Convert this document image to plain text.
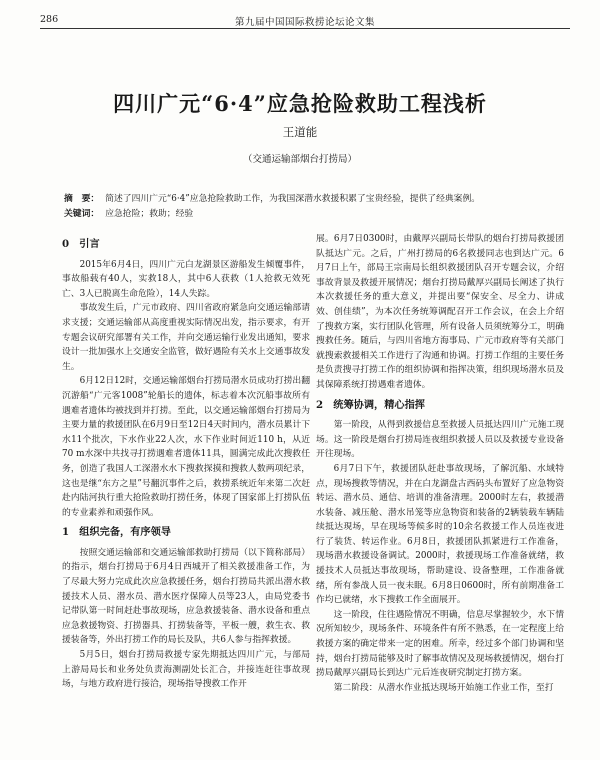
286	第九届中国国际救捞论坛论文集
四川广元“6·4”应急抢险救助工程浅析
王道能
（交通运输部烟台打捞局）
摘　要： 简述了四川广元“6·4”应急抢险救助工作，为我国深潜水救援积累了宝贵经验，提供了经典案例。
关键词： 应急抢险；救助；经验
0　引言

2015年6月4日，四川广元白龙湖景区游船发生倾覆事件，事故船载有40人，实救18人，其中6人获救（1人抢救无效死亡、3人已脱离生命危险），14人失踪。

事故发生后，广元市政府、四川省政府紧急向交通运输部请求支援；交通运输部从高度重视实际情况出发，指示要求，有开专题会议研究部署有关工作，并向交通运输行业发出通知，要求设计一批加强水上交通安全监管，做好遇险有关水上交通事故发生。

6月12日12时，交通运输部烟台打捞局潜水员成功打捞出翻沉游船“广元客1008”轮船长的遗体，标志着本次沉船事故所有遇难者遗体均被找到并打捞。至此，以交通运输部烟台打捞局为主要力量的救援团队在6月9日至12日4天时间内，潜水员累计下水11个批次，下水作业22人次，水下作业时间近110 h，从近70 m水深中共找寻打捞遇难者遗体11具，圆满完成此次搜救任务，创造了我国人工深潜水水下搜救探摸和搜救人数两项纪录，这也是继“东方之星”号翻沉事件之后，救捞系统近年来第二次赶赴内陆河执行重大抢险救助打捞任务，体现了国家部上打捞队伍的专业素养和顽强作风。

1　组织完备，有序领导

按照交通运输部和交通运输部救助打捞局（以下简称部局）的指示，烟台打捞局于6月4日西城开了相关救援准备工作，为了尽最大努力完成此次应急救援任务，烟台打捞局共派出潜水救援技术人员、潜水员、潜水医疗保障人员等23人，由局党委书记带队第一时间赶赴事故现场，应急救援装备、潜水设备和重点应急救援物资、打捞器具、打捞装备等，平板一艘，救生衣、救援装备等，外出打捞工作的局长及队，共6人参与指挥救援。

5月5日，烟台打捞局救援专家先期抵达四川广元，与部局上游局局长和业务处负责海测副处长汇合，并接连赶往事故现场，与地方政府进行接洽，现场指导搜救工作开

展。6月7日0300时，由戴厚兴副局长带队的烟台打捞局救援团队抵达广元。之后，广州打捞局的6名救援同志也到达广元。6月7日上午，部局王宗南局长组织救援团队召开专题会议，介绍事故背景及救援开展情况；烟台打捞局戴厚兴副局长阐述了执行本次救援任务的重大意义，并提出要“保安全、尽全力、讲成效、创佳绩”，为本次任务统筹调配召开工作会议，在会上介绍了搜救方案，实行团队化管理，所有设备人员须统筹分工，明确搜救任务。随后，与四川省地方海事局、广元市政府等有关部门就搜索救援相关工作进行了沟通和协调。打捞工作组的主要任务是负责搜寻打捞工作的组织协调和指挥决策，组织现场潜水员及其保障系统打捞遇难者遗体。

2　统筹协调，精心指挥

第一阶段，从得到救援信息至救援人员抵达四川广元施工现场。这一阶段是烟台打捞局连夜组织救援人员以及救援专业设备开往现场。

6月7日下午，救援团队赶赴事故现场，了解沉船、水域特点，现场搜救等情况，并在白龙湖盘古西码头布置好了应急物资转运、潜水员、通信、培训的准备清理。2000时左右，救援潜水装备、减压舱、潜水吊笼等应急物资和装备的2辆装载车辆陆续抵达現场，早在现场等候多时的10余名救援工作人员连夜进行了装货、转运作业。6月8日，救援团队抓紧进行工作准备，现场潜水救援设备调试。2000时，救援现场工作准备就绪，救援技术人员抵达事故现场，帮助建设、设备整理，工作准备就绪，所有参战人员一夜未眠。6月8日0600时，所有前期准备工作均已就绪，水下搜救工作全面展开。

这一阶段，住往遇险情况不明确，信息尽掌握较少，水下情况所知较少，现场条件、环境条件有所不熟悉，在一定程度上给救援方案的确定带来一定的困难。所幸，经过多个部门协调和坚持，烟台打捞局能够及时了解事故情况及现场救援情况，烟台打捞局戴厚兴副局长到达广元后连夜研究制定打捞方案。

第二阶段：从潜水作业抵达现场开始施工作业工作，至打
